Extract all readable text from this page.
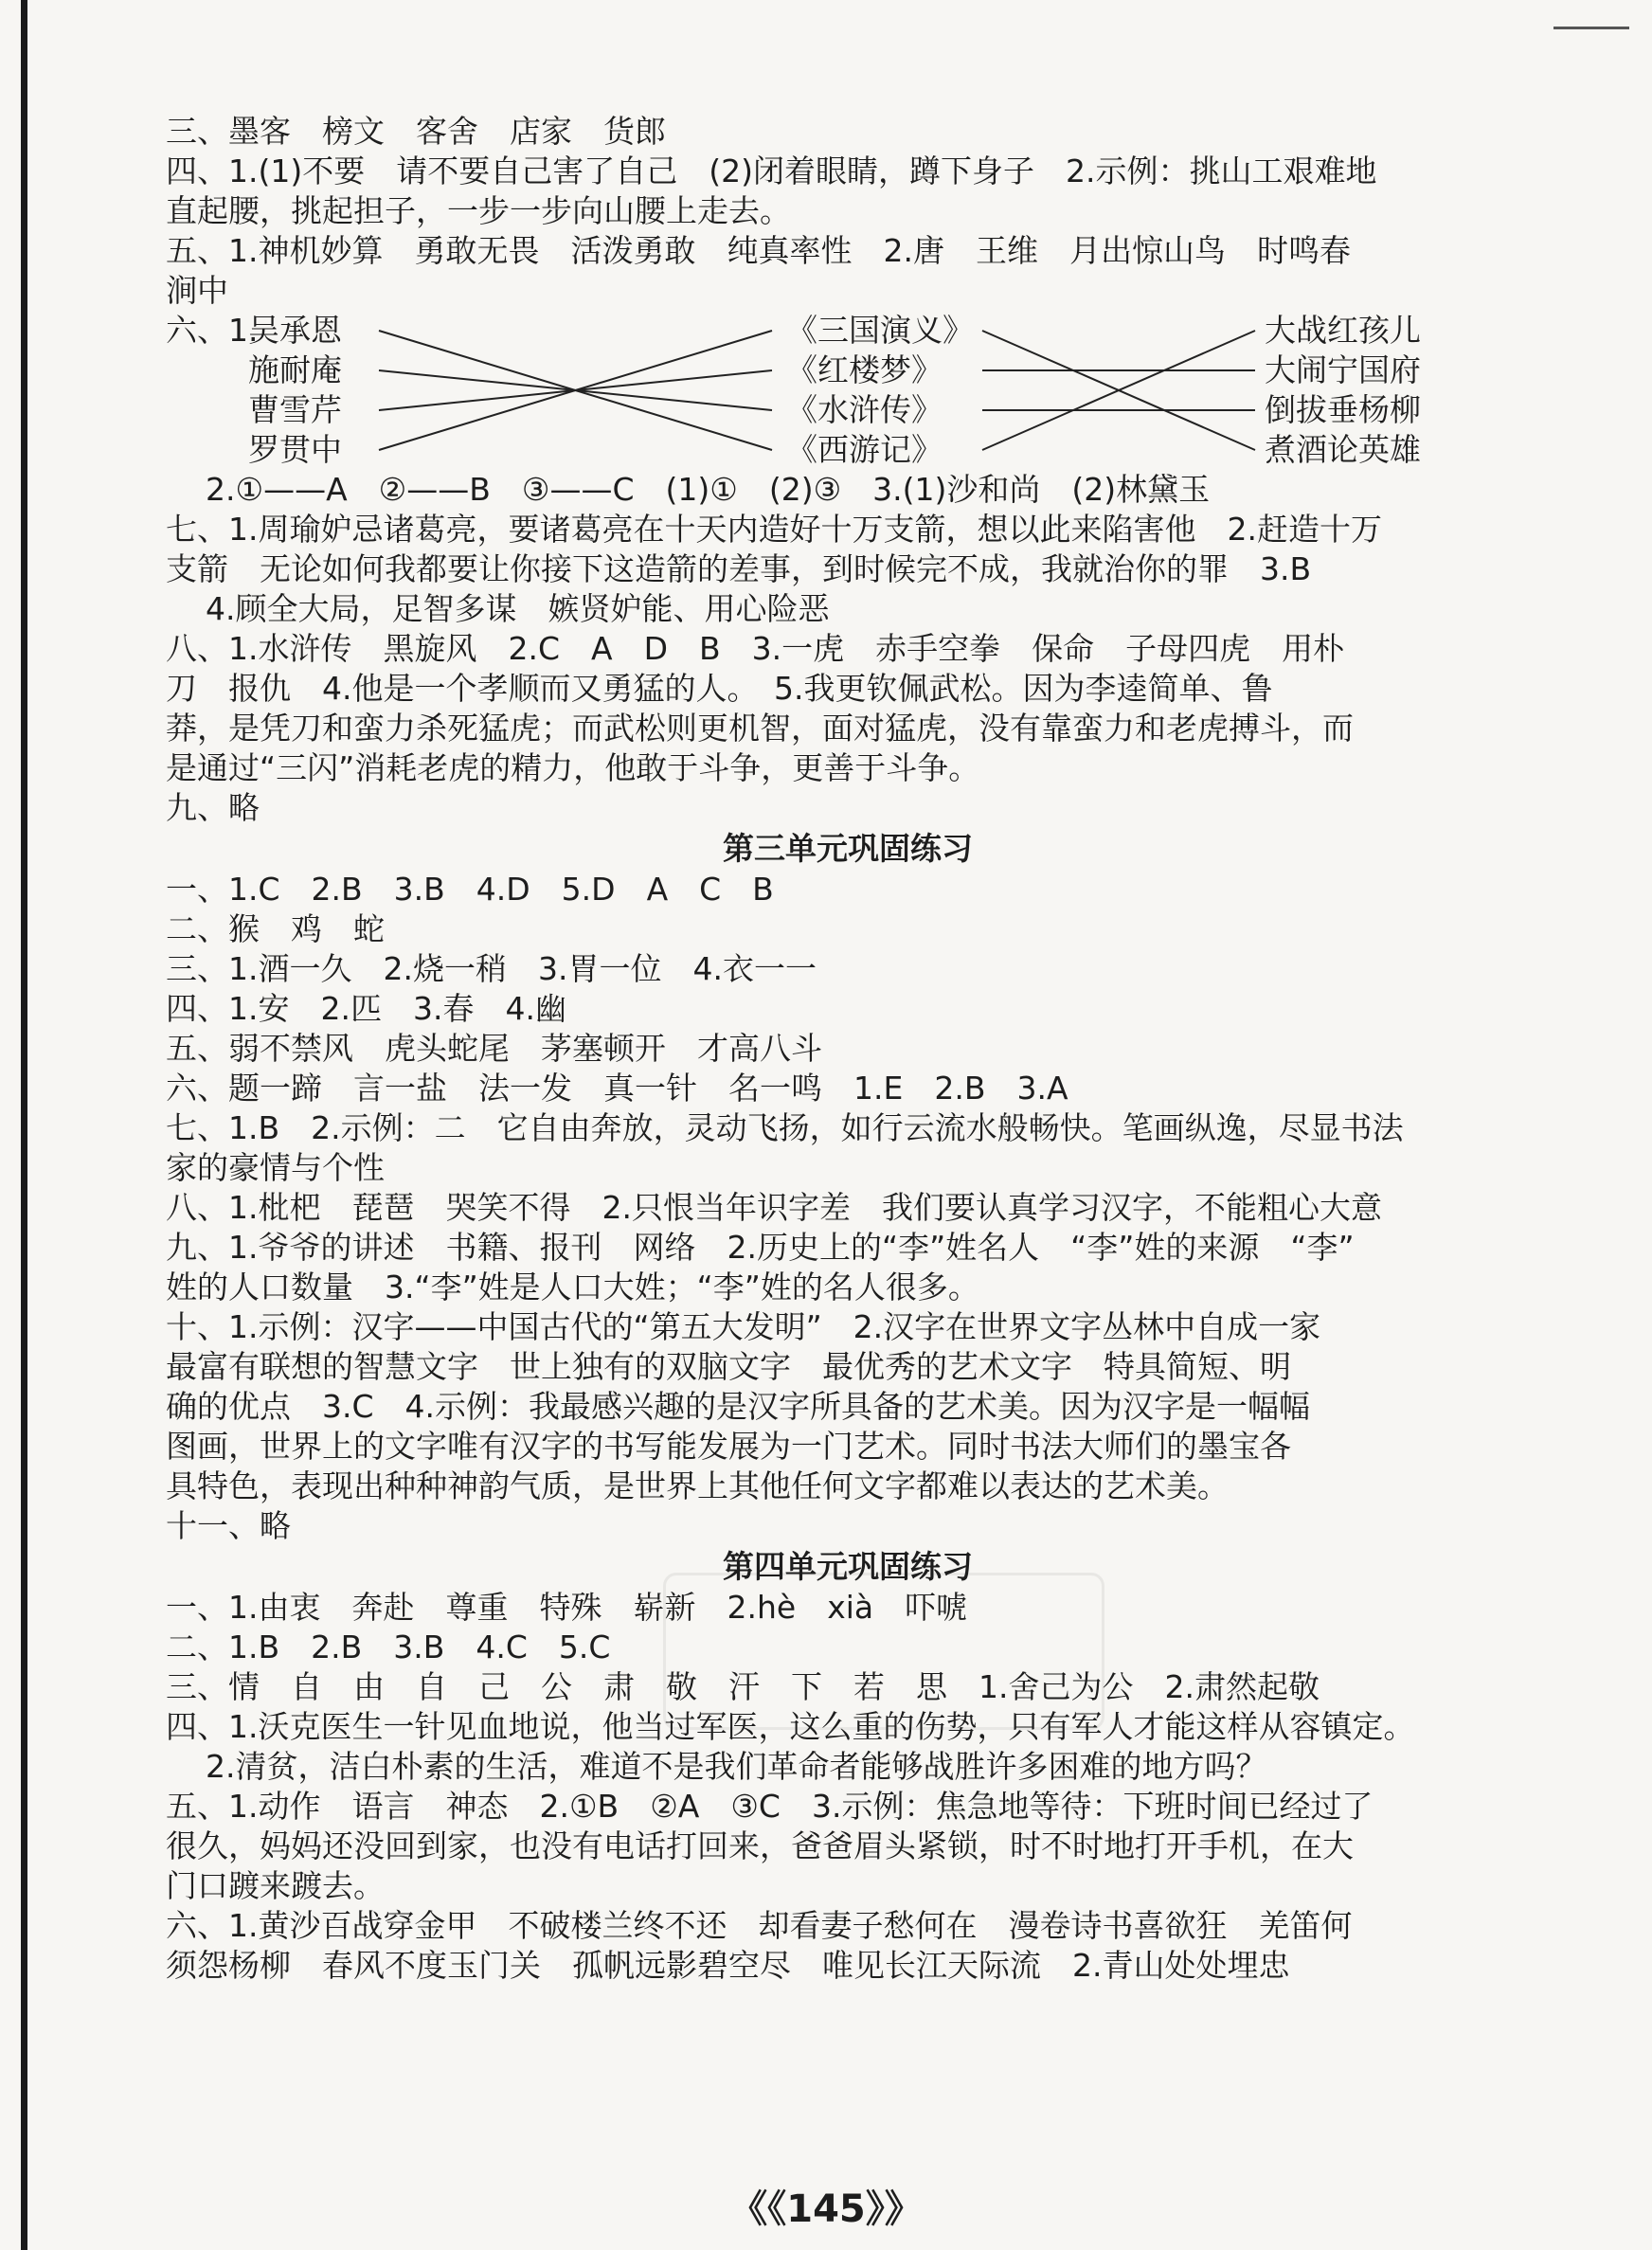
三、墨客　榜文　客舍　店家　货郎
四、1.(1)不要　请不要自己害了自己　(2)闭着眼睛，蹲下身子　2.示例：挑山工艰难地
直起腰，挑起担子，一步一步向山腰上走去。
五、1.神机妙算　勇敢无畏　活泼勇敢　纯真率性　2.唐　王维　月出惊山鸟　时鸣春
涧中
六、1.
吴承恩
施耐庵
曹雪芹
罗贯中
《三国演义》
《红楼梦》
《水浒传》
《西游记》
大战红孩儿
大闹宁国府
倒拔垂杨柳
煮酒论英雄
2.①——A　②——B　③——C　(1)①　(2)③　3.(1)沙和尚　(2)林黛玉
七、1.周瑜妒忌诸葛亮，要诸葛亮在十天内造好十万支箭，想以此来陷害他　2.赶造十万
支箭　无论如何我都要让你接下这造箭的差事，到时候完不成，我就治你的罪　3.B
4.顾全大局，足智多谋　嫉贤妒能、用心险恶
八、1.水浒传　黑旋风　2.C　A　D　B　3.一虎　赤手空拳　保命　子母四虎　用朴
刀　报仇　4.他是一个孝顺而又勇猛的人。　5.我更钦佩武松。因为李逵简单、鲁
莽，是凭刀和蛮力杀死猛虎；而武松则更机智，面对猛虎，没有靠蛮力和老虎搏斗，而
是通过“三闪”消耗老虎的精力，他敢于斗争，更善于斗争。
九、略
第三单元巩固练习
一、1.C　2.B　3.B　4.D　5.D　A　C　B
二、猴　鸡　蛇
三、1.酒一久　2.烧一稍　3.胃一位　4.衣一一
四、1.安　2.匹　3.春　4.幽
五、弱不禁风　虎头蛇尾　茅塞顿开　才高八斗
六、题一蹄　言一盐　法一发　真一针　名一鸣　1.E　2.B　3.A
七、1.B　2.示例：二　它自由奔放，灵动飞扬，如行云流水般畅快。笔画纵逸，尽显书法
家的豪情与个性
八、1.枇杷　琵琶　哭笑不得　2.只恨当年识字差　我们要认真学习汉字，不能粗心大意
九、1.爷爷的讲述　书籍、报刊　网络　2.历史上的“李”姓名人　“李”姓的来源　“李”
姓的人口数量　3.“李”姓是人口大姓；“李”姓的名人很多。
十、1.示例：汉字——中国古代的“第五大发明”　2.汉字在世界文字丛林中自成一家
最富有联想的智慧文字　世上独有的双脑文字　最优秀的艺术文字　特具简短、明
确的优点　3.C　4.示例：我最感兴趣的是汉字所具备的艺术美。因为汉字是一幅幅
图画，世界上的文字唯有汉字的书写能发展为一门艺术。同时书法大师们的墨宝各
具特色，表现出种种神韵气质，是世界上其他任何文字都难以表达的艺术美。
十一、略
第四单元巩固练习
一、1.由衷　奔赴　尊重　特殊　崭新　2.hè　xià　吓唬
二、1.B　2.B　3.B　4.C　5.C
三、情　自　由　自　己　公　肃　敬　汗　下　若　思　1.舍己为公　2.肃然起敬
四、1.沃克医生一针见血地说，他当过军医，这么重的伤势，只有军人才能这样从容镇定。
2.清贫，洁白朴素的生活，难道不是我们革命者能够战胜许多困难的地方吗？
五、1.动作　语言　神态　2.①B　②A　③C　3.示例：焦急地等待：下班时间已经过了
很久，妈妈还没回到家，也没有电话打回来，爸爸眉头紧锁，时不时地打开手机，在大
门口踱来踱去。
六、1.黄沙百战穿金甲　不破楼兰终不还　却看妻子愁何在　漫卷诗书喜欲狂　羌笛何
须怨杨柳　春风不度玉门关　孤帆远影碧空尽　唯见长江天际流　2.青山处处埋忠
《《145》》
